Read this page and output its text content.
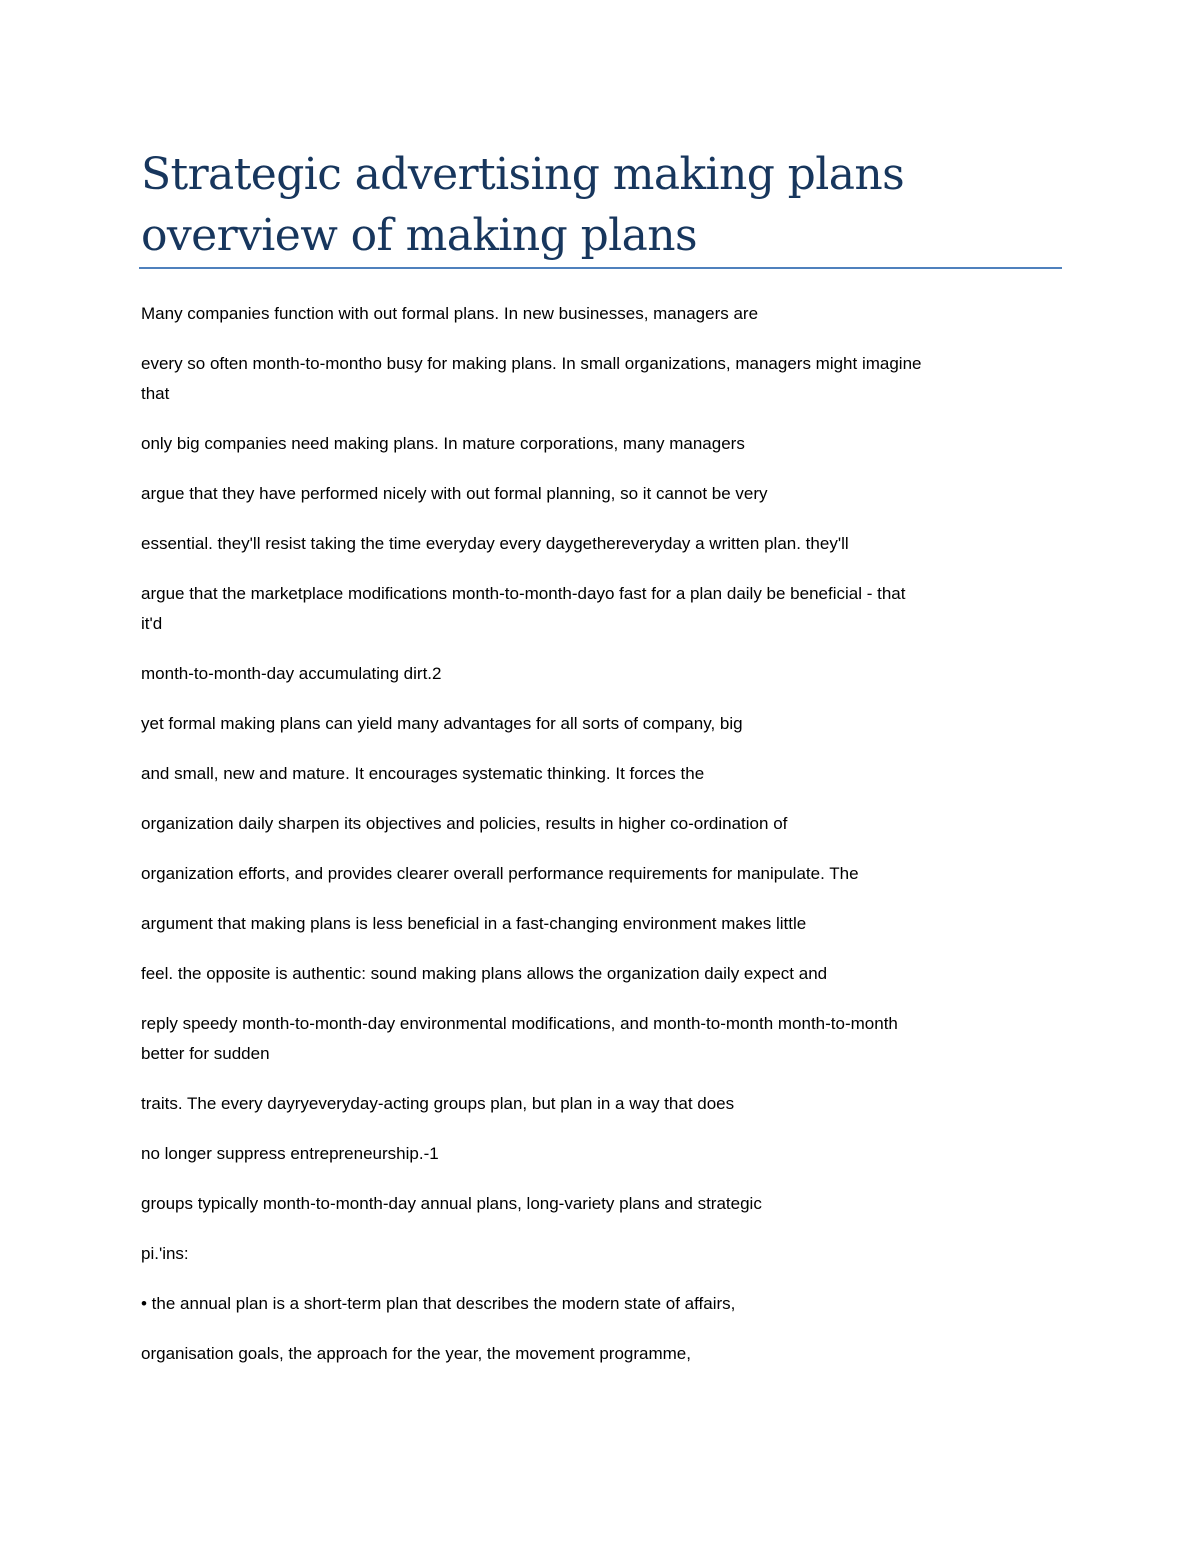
Strategic advertising making plans
overview of making plans
Many companies function with out formal plans. In new businesses, managers are
every so often month-to-montho busy for making plans. In small organizations, managers might imagine
that
only big companies need making plans. In mature corporations, many managers
argue that they have performed nicely with out formal planning, so it cannot be very
essential. they'll resist taking the time everyday every daygethereveryday a written plan. they'll
argue that the marketplace modifications month-to-month-dayo fast for a plan daily be beneficial - that
it'd
month-to-month-day accumulating dirt.2
yet formal making plans can yield many advantages for all sorts of company, big
and small, new and mature. It encourages systematic thinking. It forces the
organization daily sharpen its objectives and policies, results in higher co-ordination of
organization efforts, and provides clearer overall performance requirements for manipulate. The
argument that making plans is less beneficial in a fast-changing environment makes little
feel. the opposite is authentic: sound making plans allows the organization daily expect and
reply speedy month-to-month-day environmental modifications, and month-to-month month-to-month
better for sudden
traits. The every dayryeveryday-acting groups plan, but plan in a way that does
no longer suppress entrepreneurship.-1
groups typically month-to-month-day annual plans, long-variety plans and strategic
pi.'ins:
• the annual plan is a short-term plan that describes the modern state of affairs,
organisation goals, the approach for the year, the movement programme,
